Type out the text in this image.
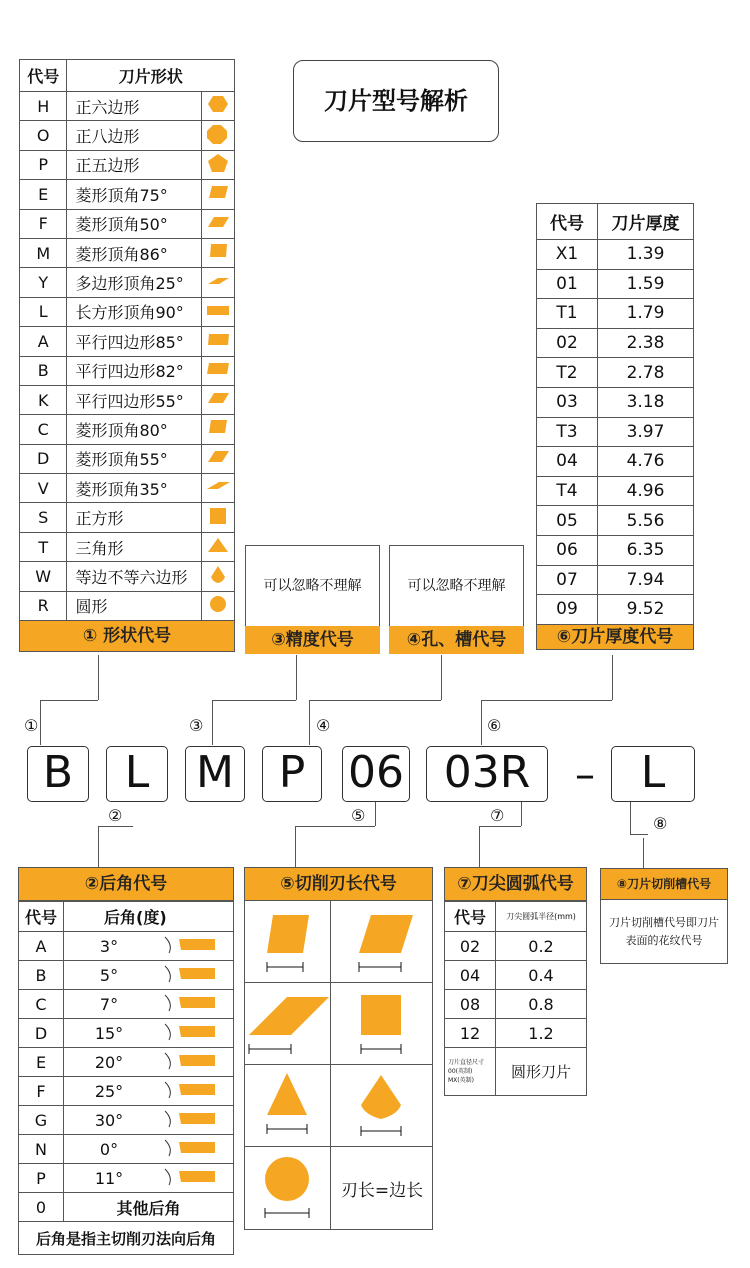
代号	刀片形状	
H	正六边形	
O	正八边形	
P	正五边形	
E	菱形顶角75°	
F	菱形顶角50°	
M	菱形顶角86°	
Y	多边形顶角25°	
L	长方形顶角90°	
A	平行四边形85°	
B	平行四边形82°	
K	平行四边形55°	
C	菱形顶角80°	
D	菱形顶角55°	
V	菱形顶角35°	
S	正方形	
T	三角形	
W	等边不等六边形	
R	圆形	
① 形状代号
刀片型号解析
可以忽略不理解
③精度代号
可以忽略不理解
④孔、槽代号
代号	刀片厚度
X1	1.39
01	1.59
T1	1.79
02	2.38
T2	2.78
03	3.18
T3	3.97
04	4.76
T4	4.96
05	5.56
06	6.35
07	7.94
09	9.52
⑥刀片厚度代号
①	③	④	⑥
B	L	M	P 06 03R	–	L
②	⑤	⑦	⑧
②后角代号
代号	后角(度)	
A	3°	
B	5°	
C	7°	
D	15°	
E	20°	
F	25°	
G	30°	
N	0°	
P	11°	
0	其他后角	
后角是指主切削刃法向后角		
⑤切削刃长代号
刃长=边长
⑦刀尖圆弧代号
代号	刀尖圆弧半径(mm)
02	0.2
04	0.4
08	0.8
12	1.2

刀片直径尺寸
00(英制)
MX(英制)	圆形刀片
⑧刀片切削槽代号
刀片切削槽代号即刀片表面的花纹代号
